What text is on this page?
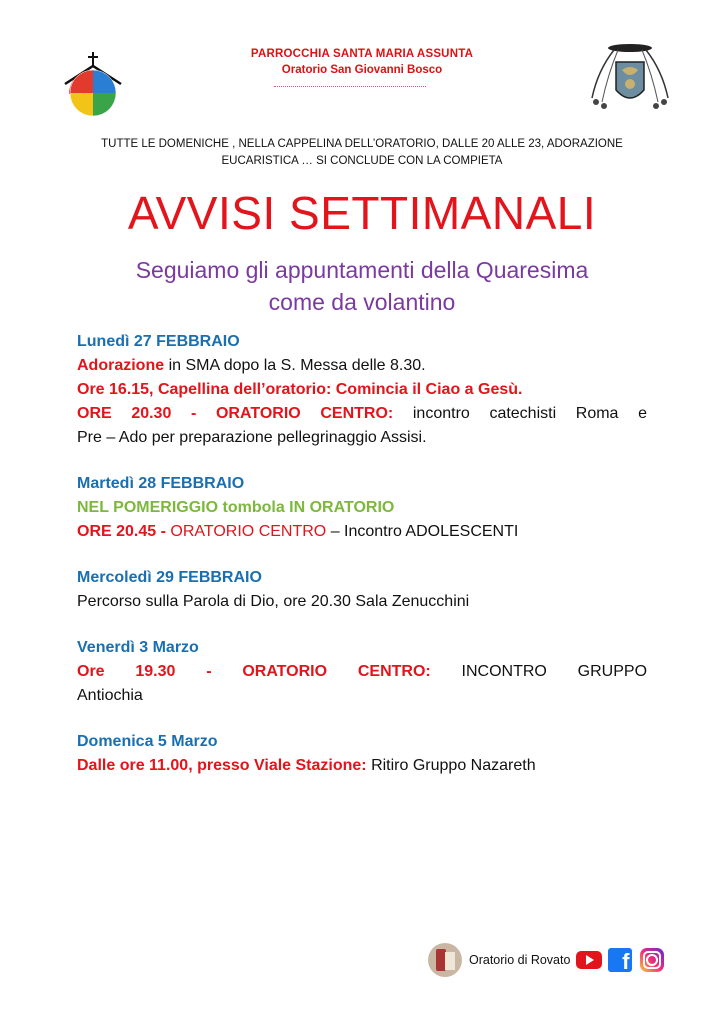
PARROCCHIA SANTA MARIA ASSUNTA
Oratorio San Giovanni Bosco
TUTTE LE DOMENICHE , NELLA CAPPELINA DELL’ORATORIO, DALLE 20 ALLE 23, ADORAZIONE EUCARISTICA … SI CONCLUDE CON LA COMPIETA
AVVISI SETTIMANALI
Seguiamo gli appuntamenti della Quaresima
come da volantino
Lunedì 27 FEBBRAIO

Adorazione in SMA dopo la S. Messa delle 8.30.

Ore 16.15, Capellina dell’oratorio: Comincia il Ciao a Gesù.

ORE 20.30 - ORATORIO CENTRO: incontro catechisti Roma e

Pre – Ado per preparazione pellegrinaggio Assisi.

Martedì 28 FEBBRAIO

NEL POMERIGGIO tombola IN ORATORIO

ORE 20.45 - ORATORIO CENTRO – Incontro ADOLESCENTI

Mercoledì 29 FEBBRAIO

Percorso sulla Parola di Dio, ore 20.30 Sala Zenucchini

Venerdì 3 Marzo

Ore 19.30 - ORATORIO CENTRO: INCONTRO GRUPPO

Antiochia

Domenica 5 Marzo

Dalle ore 11.00, presso Viale Stazione: Ritiro Gruppo Nazareth

Oratorio di Rovato	f
